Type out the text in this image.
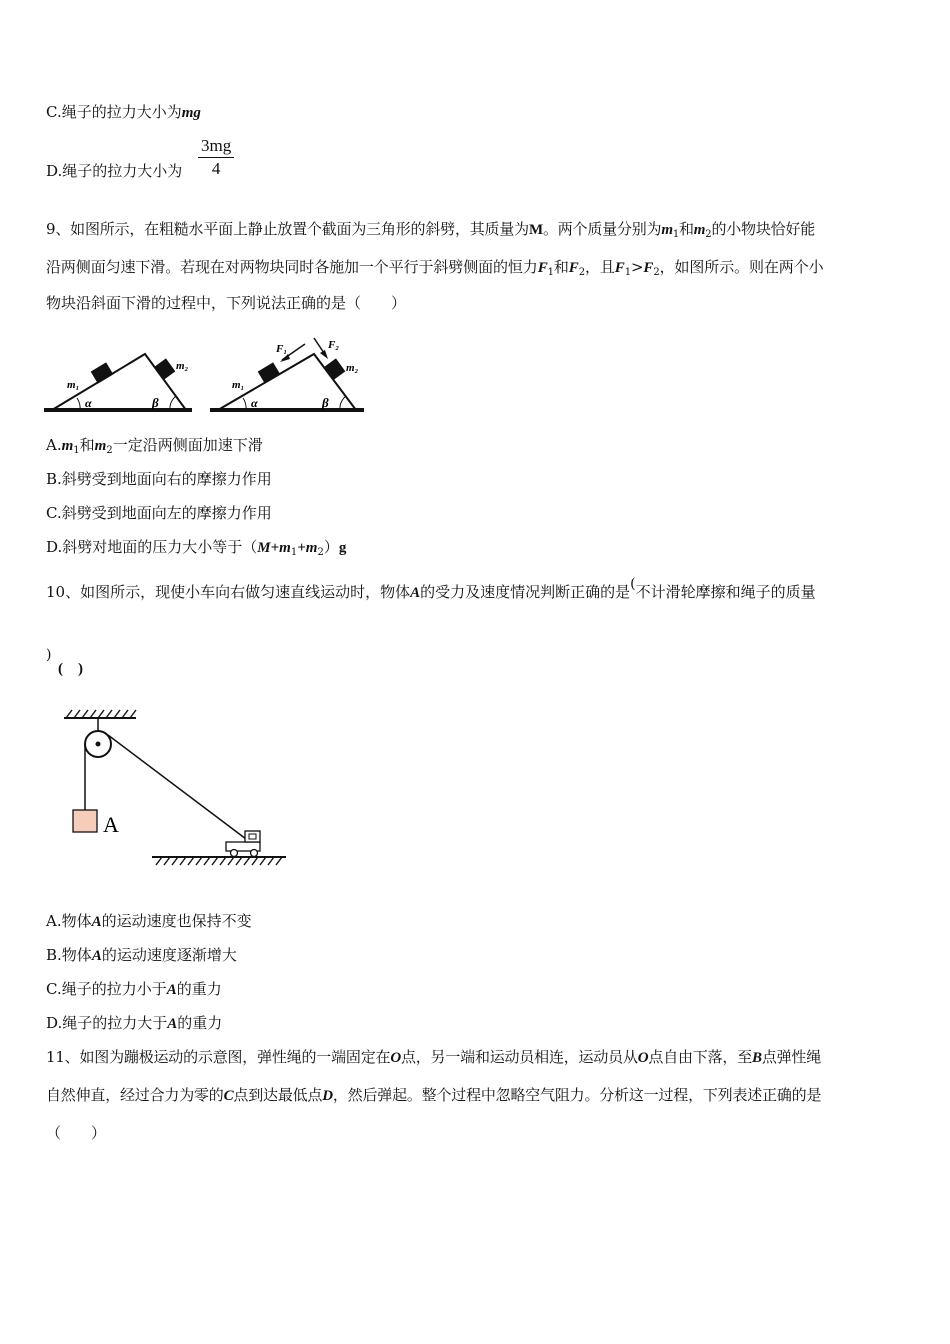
C.绳子的拉力大小为mg
D.绳子的拉力大小为 $\frac{3mg}{4}$
9、如图所示，在粗糙水平面上静止放置个截面为三角形的斜劈，其质量为M。两个质量分别为$m_1$和$m_2$的小物块恰好能
沿两侧面匀速下滑。若现在对两物块同时各施加一个平行于斜劈侧面的恒力$F_1$和$F_2$，且$F_1>F_2$，如图所示。则在两个小
物块沿斜面下滑的过程中，下列说法正确的是（　　）
m₁
m₂
α	β
m₁
m₂
F₁	F₂
α	β
$A.m_1$和$m_2$一定沿两侧面加速下滑
B.斜劈受到地面向右的摩擦力作用
C.斜劈受到地面向左的摩擦力作用
D.斜劈对地面的压力大小等于$(M+m_1+m_2)g$
10、如图所示，现使小车向右做匀速直线运动时，物体A的受力及速度情况判断正确的是(不计滑轮摩擦和绳子的质量
)
(　)
A
A.物体A的运动速度也保持不变
B.物体A的运动速度逐渐增大
C.绳子的拉力小于A的重力
D.绳子的拉力大于A的重力
11、如图为蹦极运动的示意图，弹性绳的一端固定在O点，另一端和运动员相连，运动员从O点自由下落，至B点弹性绳
自然伸直，经过合力为零的C点到达最低点D，然后弹起。整个过程中忽略空气阻力。分析这一过程，下列表述正确的是
（　　）
